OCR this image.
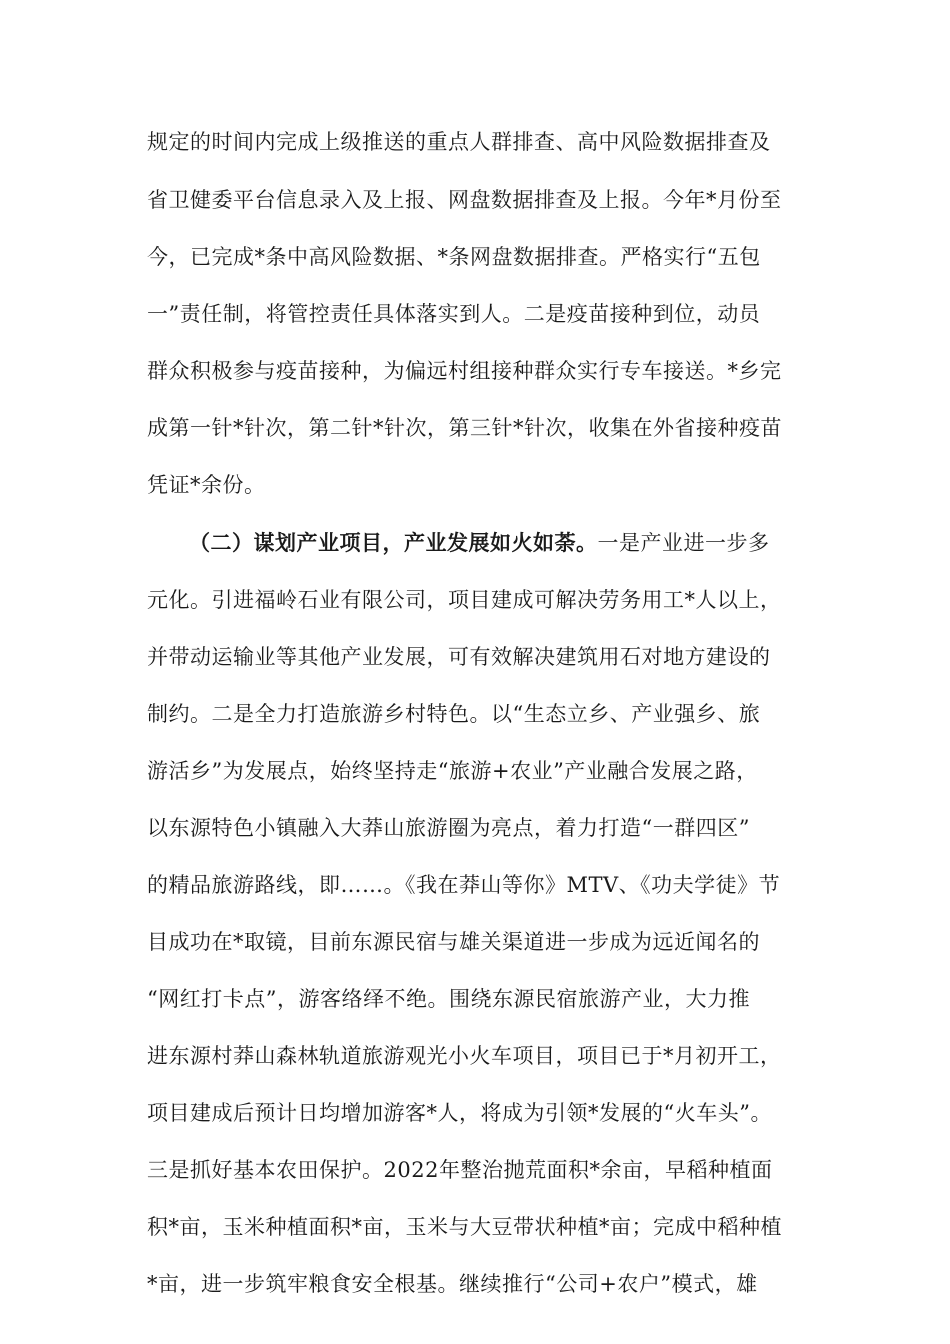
规定的时间内完成上级推送的重点人群排查、高中风险数据排查及
省卫健委平台信息录入及上报、网盘数据排查及上报。今年*月份至
今，已完成*条中高风险数据、*条网盘数据排查。严格实行“五包
一”责任制，将管控责任具体落实到人。二是疫苗接种到位，动员
群众积极参与疫苗接种，为偏远村组接种群众实行专车接送。*乡完
成第一针*针次，第二针*针次，第三针*针次，收集在外省接种疫苗
凭证*余份。
（二）谋划产业项目，产业发展如火如荼。一是产业进一步多
元化。引进福岭石业有限公司，项目建成可解决劳务用工*人以上，
并带动运输业等其他产业发展，可有效解决建筑用石对地方建设的
制约。二是全力打造旅游乡村特色。以“生态立乡、产业强乡、旅
游活乡”为发展点，始终坚持走“旅游+农业”产业融合发展之路，
以东源特色小镇融入大莽山旅游圈为亮点，着力打造“一群四区”
的精品旅游路线，即……。《我在莽山等你》MTV、《功夫学徒》节
目成功在*取镜，目前东源民宿与雄关渠道进一步成为远近闻名的
“网红打卡点”，游客络绎不绝。围绕东源民宿旅游产业，大力推
进东源村莽山森林轨道旅游观光小火车项目，项目已于*月初开工，
项目建成后预计日均增加游客*人，将成为引领*发展的“火车头”。
三是抓好基本农田保护。2022年整治抛荒面积*余亩，早稻种植面
积*亩，玉米种植面积*亩，玉米与大豆带状种植*亩；完成中稻种植
*亩，进一步筑牢粮食安全根基。继续推行“公司+农户”模式，雄
